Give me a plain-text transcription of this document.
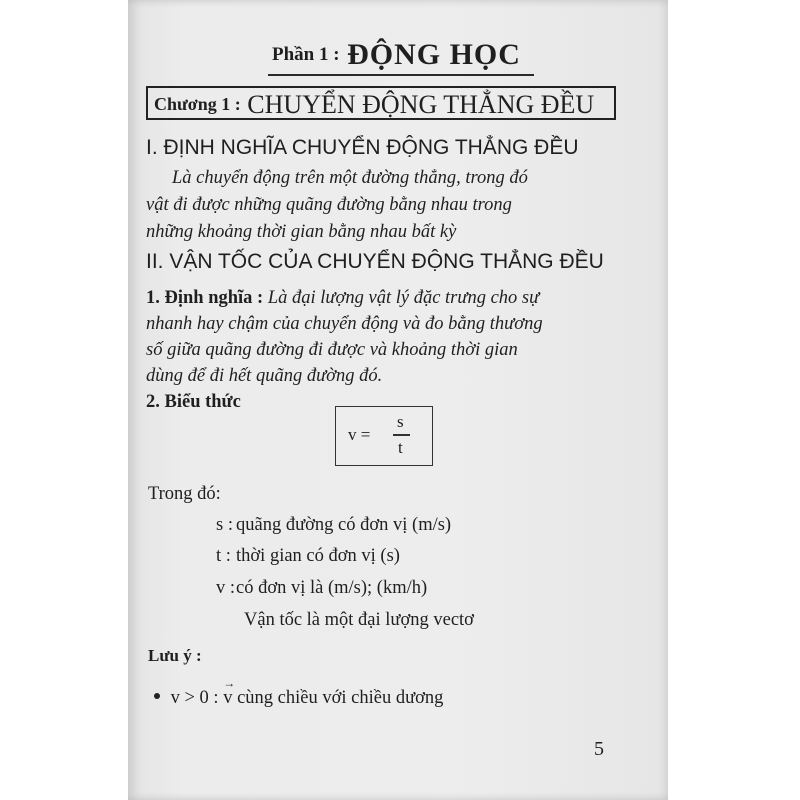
Phần 1 : ĐỘNG HỌC
Chương 1 : CHUYỂN ĐỘNG THẲNG ĐỀU
I. ĐỊNH NGHĨA CHUYỂN ĐỘNG THẲNG ĐỀU
Là chuyển động trên một đường thẳng, trong đó
vật đi được những quãng đường bằng nhau trong
những khoảng thời gian bằng nhau bất kỳ
II. VẬN TỐC CỦA CHUYỂN ĐỘNG THẲNG ĐỀU
1. Định nghĩa : Là đại lượng vật lý đặc trưng cho sự
nhanh hay chậm của chuyển động và đo bằng thương
số giữa quãng đường đi được và khoảng thời gian
dùng để đi hết quãng đường đó.
2. Biểu thức
v =
s
t
Trong đó:
s : quãng đường có đơn vị (m/s)
t : thời gian có đơn vị (s)
v : có đơn vị là (m/s); (km/h)
Vận tốc là một đại lượng vectơ
Lưu ý :
v > 0 :
→
v cùng chiều với chiều dương
5
